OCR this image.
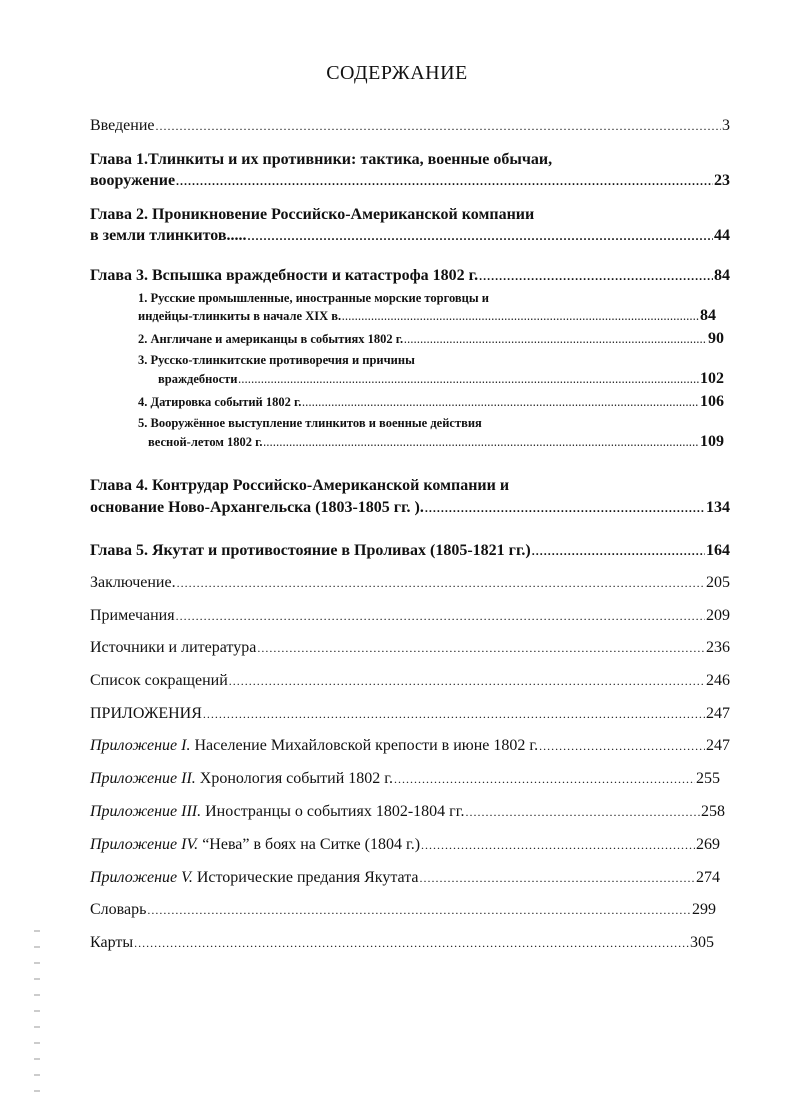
СОДЕРЖАНИЕ
Введение .....	3
Глава 1.Тлинкиты и их противники: тактика, военные обычаи,
вооружение .....	23
Глава 2. Проникновение Российско-Американской компании
в земли тлинкитов..... .....	44
Глава 3. Вспышка враждебности и катастрофа 1802 г. .....	84
1. Русские промышленные, иностранные морские торговцы и
индейцы-тлинкиты в начале XIX в. .....	84
2. Англичане и американцы в событиях 1802 г. .....	90
3. Русско-тлинкитские противоречия и причины
враждебности .....	102
4. Датировка событий 1802 г. .....	106
5. Вооружённое выступление тлинкитов и военные действия
весной-летом 1802 г. .....	109
Глава 4. Контрудар Российско-Американской компании и
основание Ново-Архангельска (1803-1805 гг. ). .....	134
Глава 5. Якутат и противостояние в Проливах (1805-1821 гг.) .....	164
Заключение. .....	205
Примечания .....	209
Источники и литература .....	236
Список сокращений .....	246
ПРИЛОЖЕНИЯ .....	247
Приложение I. Население Михайловской крепости в июне 1802 г. .....	247
Приложение II. Хронология событий 1802 г. .....	255
Приложение III. Иностранцы о событиях 1802-1804 гг. .....	258
Приложение IV. “Нева” в боях на Ситке (1804 г.) .....	269
Приложение V. Исторические предания Якутата .....	274
Словарь .....	299
Карты .....	305
